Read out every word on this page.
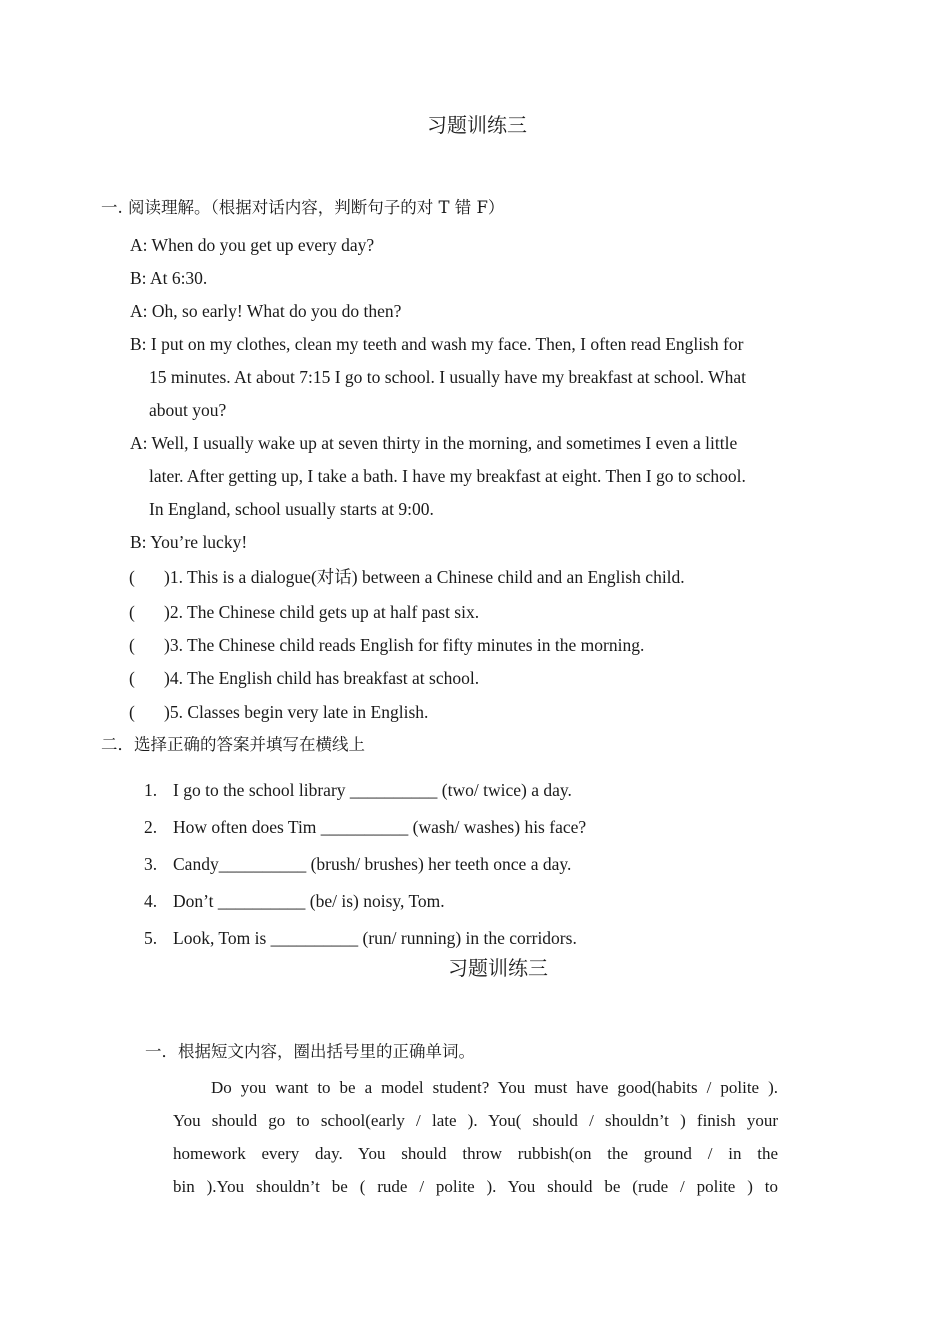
习题训练三
一. 阅读理解。（根据对话内容，判断句子的对 T 错 F）
A: When do you get up every day?
B: At 6:30.
A: Oh, so early! What do you do then?
B: I put on my clothes, clean my teeth and wash my face. Then, I often read English for
15 minutes. At about 7:15 I go to school. I usually have my breakfast at school. What
about you?
A: Well, I usually wake up at seven thirty in the morning, and sometimes I even a little
later. After getting up, I take a bath. I have my breakfast at eight. Then I go to school.
In England, school usually starts at 9:00.
B: You’re lucky!
( )1. This is a dialogue(对话) between a Chinese child and an English child.
( )2. The Chinese child gets up at half past six.
( )3. The Chinese child reads English for fifty minutes in the morning.
( )4. The English child has breakfast at school.
( )5. Classes begin very late in English.
二．选择正确的答案并填写在横线上
1. I go to the school library __________ (two/ twice) a day.
2. How often does Tim __________ (wash/ washes) his face?
3. Candy__________ (brush/ brushes) her teeth once a day.
4. Don’t __________ (be/ is) noisy, Tom.
5. Look, Tom is __________ (run/ running) in the corridors.
习题训练三
一．根据短文内容，圈出括号里的正确单词。
Do you want to be a model student? You must have good(habits / polite ).
You should go to school(early / late ). You( should / shouldn’t ) finish your
homework every day. You should throw rubbish(on the ground / in the
bin ).You shouldn’t be ( rude / polite ). You should be (rude / polite ) to
